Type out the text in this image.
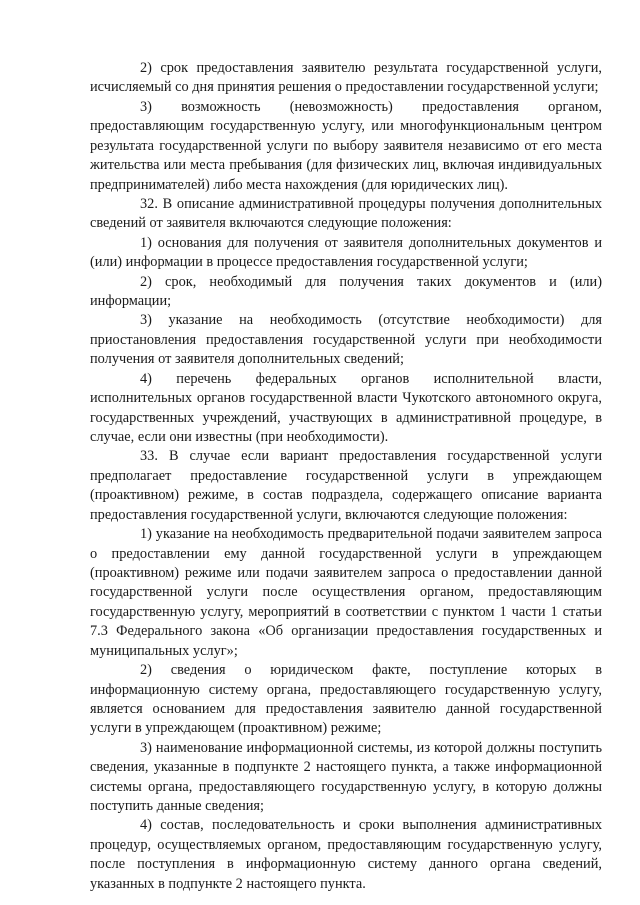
2) срок предоставления заявителю результата государственной услуги, исчисляемый со дня принятия решения о предоставлении государственной услуги;

3) возможность (невозможность) предоставления органом, предоставляющим государственную услугу, или многофункциональным центром результата государственной услуги по выбору заявителя независимо от его места жительства или места пребывания (для физических лиц, включая индивидуальных предпринимателей) либо места нахождения (для юридических лиц).

32. В описание административной процедуры получения дополнительных сведений от заявителя включаются следующие положения:

1) основания для получения от заявителя дополнительных документов и (или) информации в процессе предоставления государственной услуги;

2) срок, необходимый для получения таких документов и (или) информации;

3) указание на необходимость (отсутствие необходимости) для приостановления предоставления государственной услуги при необходимости получения от заявителя дополнительных сведений;

4) перечень федеральных органов исполнительной власти, исполнительных органов государственной власти Чукотского автономного округа, государственных учреждений, участвующих в административной процедуре, в случае, если они известны (при необходимости).

33. В случае если вариант предоставления государственной услуги предполагает предоставление государственной услуги в упреждающем (проактивном) режиме, в состав подраздела, содержащего описание варианта предоставления государственной услуги, включаются следующие положения:

1) указание на необходимость предварительной подачи заявителем запроса о предоставлении ему данной государственной услуги в упреждающем (проактивном) режиме или подачи заявителем запроса о предоставлении данной государственной услуги после осуществления органом, предоставляющим государственную услугу, мероприятий в соответствии с пунктом 1 части 1 статьи 7.3 Федерального закона «Об организации предоставления государственных и муниципальных услуг»;

2) сведения о юридическом факте, поступление которых в информационную систему органа, предоставляющего государственную услугу, является основанием для предоставления заявителю данной государственной услуги в упреждающем (проактивном) режиме;

3) наименование информационной системы, из которой должны поступить сведения, указанные в подпункте 2 настоящего пункта, а также информационной системы органа, предоставляющего государственную услугу, в которую должны поступить данные сведения;

4) состав, последовательность и сроки выполнения административных процедур, осуществляемых органом, предоставляющим государственную услугу, после поступления в информационную систему данного органа сведений, указанных в подпункте 2 настоящего пункта.
